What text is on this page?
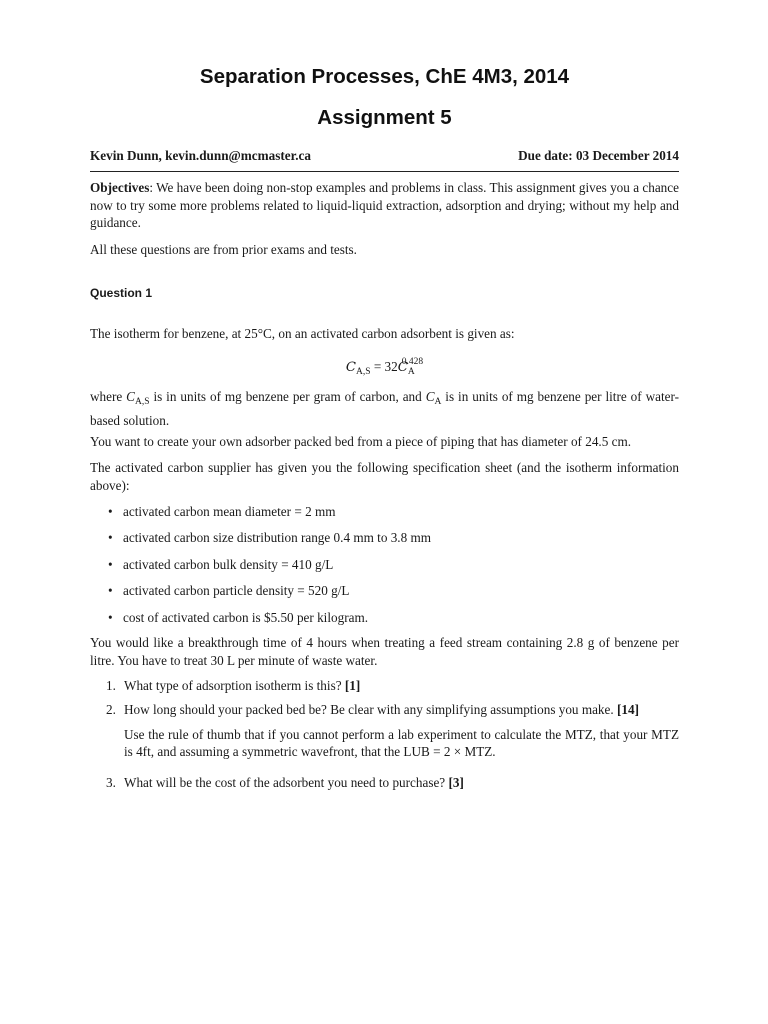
Separation Processes, ChE 4M3, 2014
Assignment 5
Kevin Dunn, kevin.dunn@mcmaster.ca	Due date: 03 December 2014

Objectives: We have been doing non-stop examples and problems in class. This assignment gives you a chance now to try some more problems related to liquid-liquid extraction, adsorption and drying; without my help and guidance.

All these questions are from prior exams and tests.

Question 1

The isotherm for benzene, at 25°C, on an activated carbon adsorbent is given as:

$C_{A,S} = 32C_A^{0.428}$

where $C_{A,S}$ is in units of mg benzene per gram of carbon, and $C_A$ is in units of mg benzene per litre of water-based solution.

You want to create your own adsorber packed bed from a piece of piping that has diameter of 24.5 cm.

The activated carbon supplier has given you the following specification sheet (and the isotherm information above):

• activated carbon mean diameter = 2 mm
• activated carbon size distribution range 0.4 mm to 3.8 mm
• activated carbon bulk density = 410 g/L
• activated carbon particle density = 520 g/L
• cost of activated carbon is $5.50 per kilogram.

You would like a breakthrough time of 4 hours when treating a feed stream containing 2.8 g of benzene per litre. You have to treat 30 L per minute of waste water.

1. What type of adsorption isotherm is this? [1]
2. How long should your packed bed be? Be clear with any simplifying assumptions you make. [14]
Use the rule of thumb that if you cannot perform a lab experiment to calculate the MTZ, that your MTZ is 4ft, and assuming a symmetric wavefront, that the LUB = 2 × MTZ.
3. What will be the cost of the adsorbent you need to purchase? [3]
